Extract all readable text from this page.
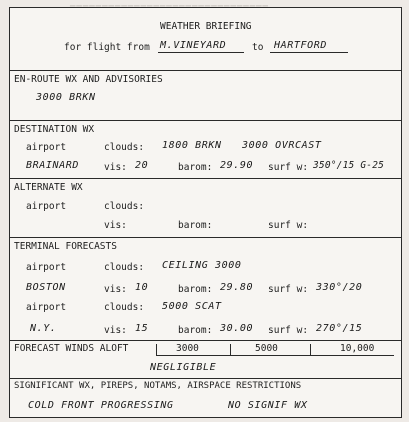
WEATHER BRIEFING
for flight from M.VINEYARD	to HARTFORD
EN-ROUTE WX AND ADVISORIES
3000 BRKN
DESTINATION WX
airport	clouds: 1800 BRKN 3000 OVRCAST
BRAINARD	vis: 20	barom: 29.90 surf w: 350°/15 G-25
ALTERNATE WX
airport	clouds:
vis:	barom:	surf w:
TERMINAL FORECASTS
airport	clouds: CEILING 3000
BOSTON	vis: 10	barom: 29.80 surf w: 330°/20
airport	clouds: 5000 SCAT
N.Y.	vis: 15	barom: 30.00 surf w: 270°/15
FORECAST WINDS ALOFT	3000	5000	10,000
NEGLIGIBLE
SIGNIFICANT WX, PIREPS, NOTAMS, AIRSPACE RESTRICTIONS
COLD FRONT PROGRESSING	NO SIGNIF WX
